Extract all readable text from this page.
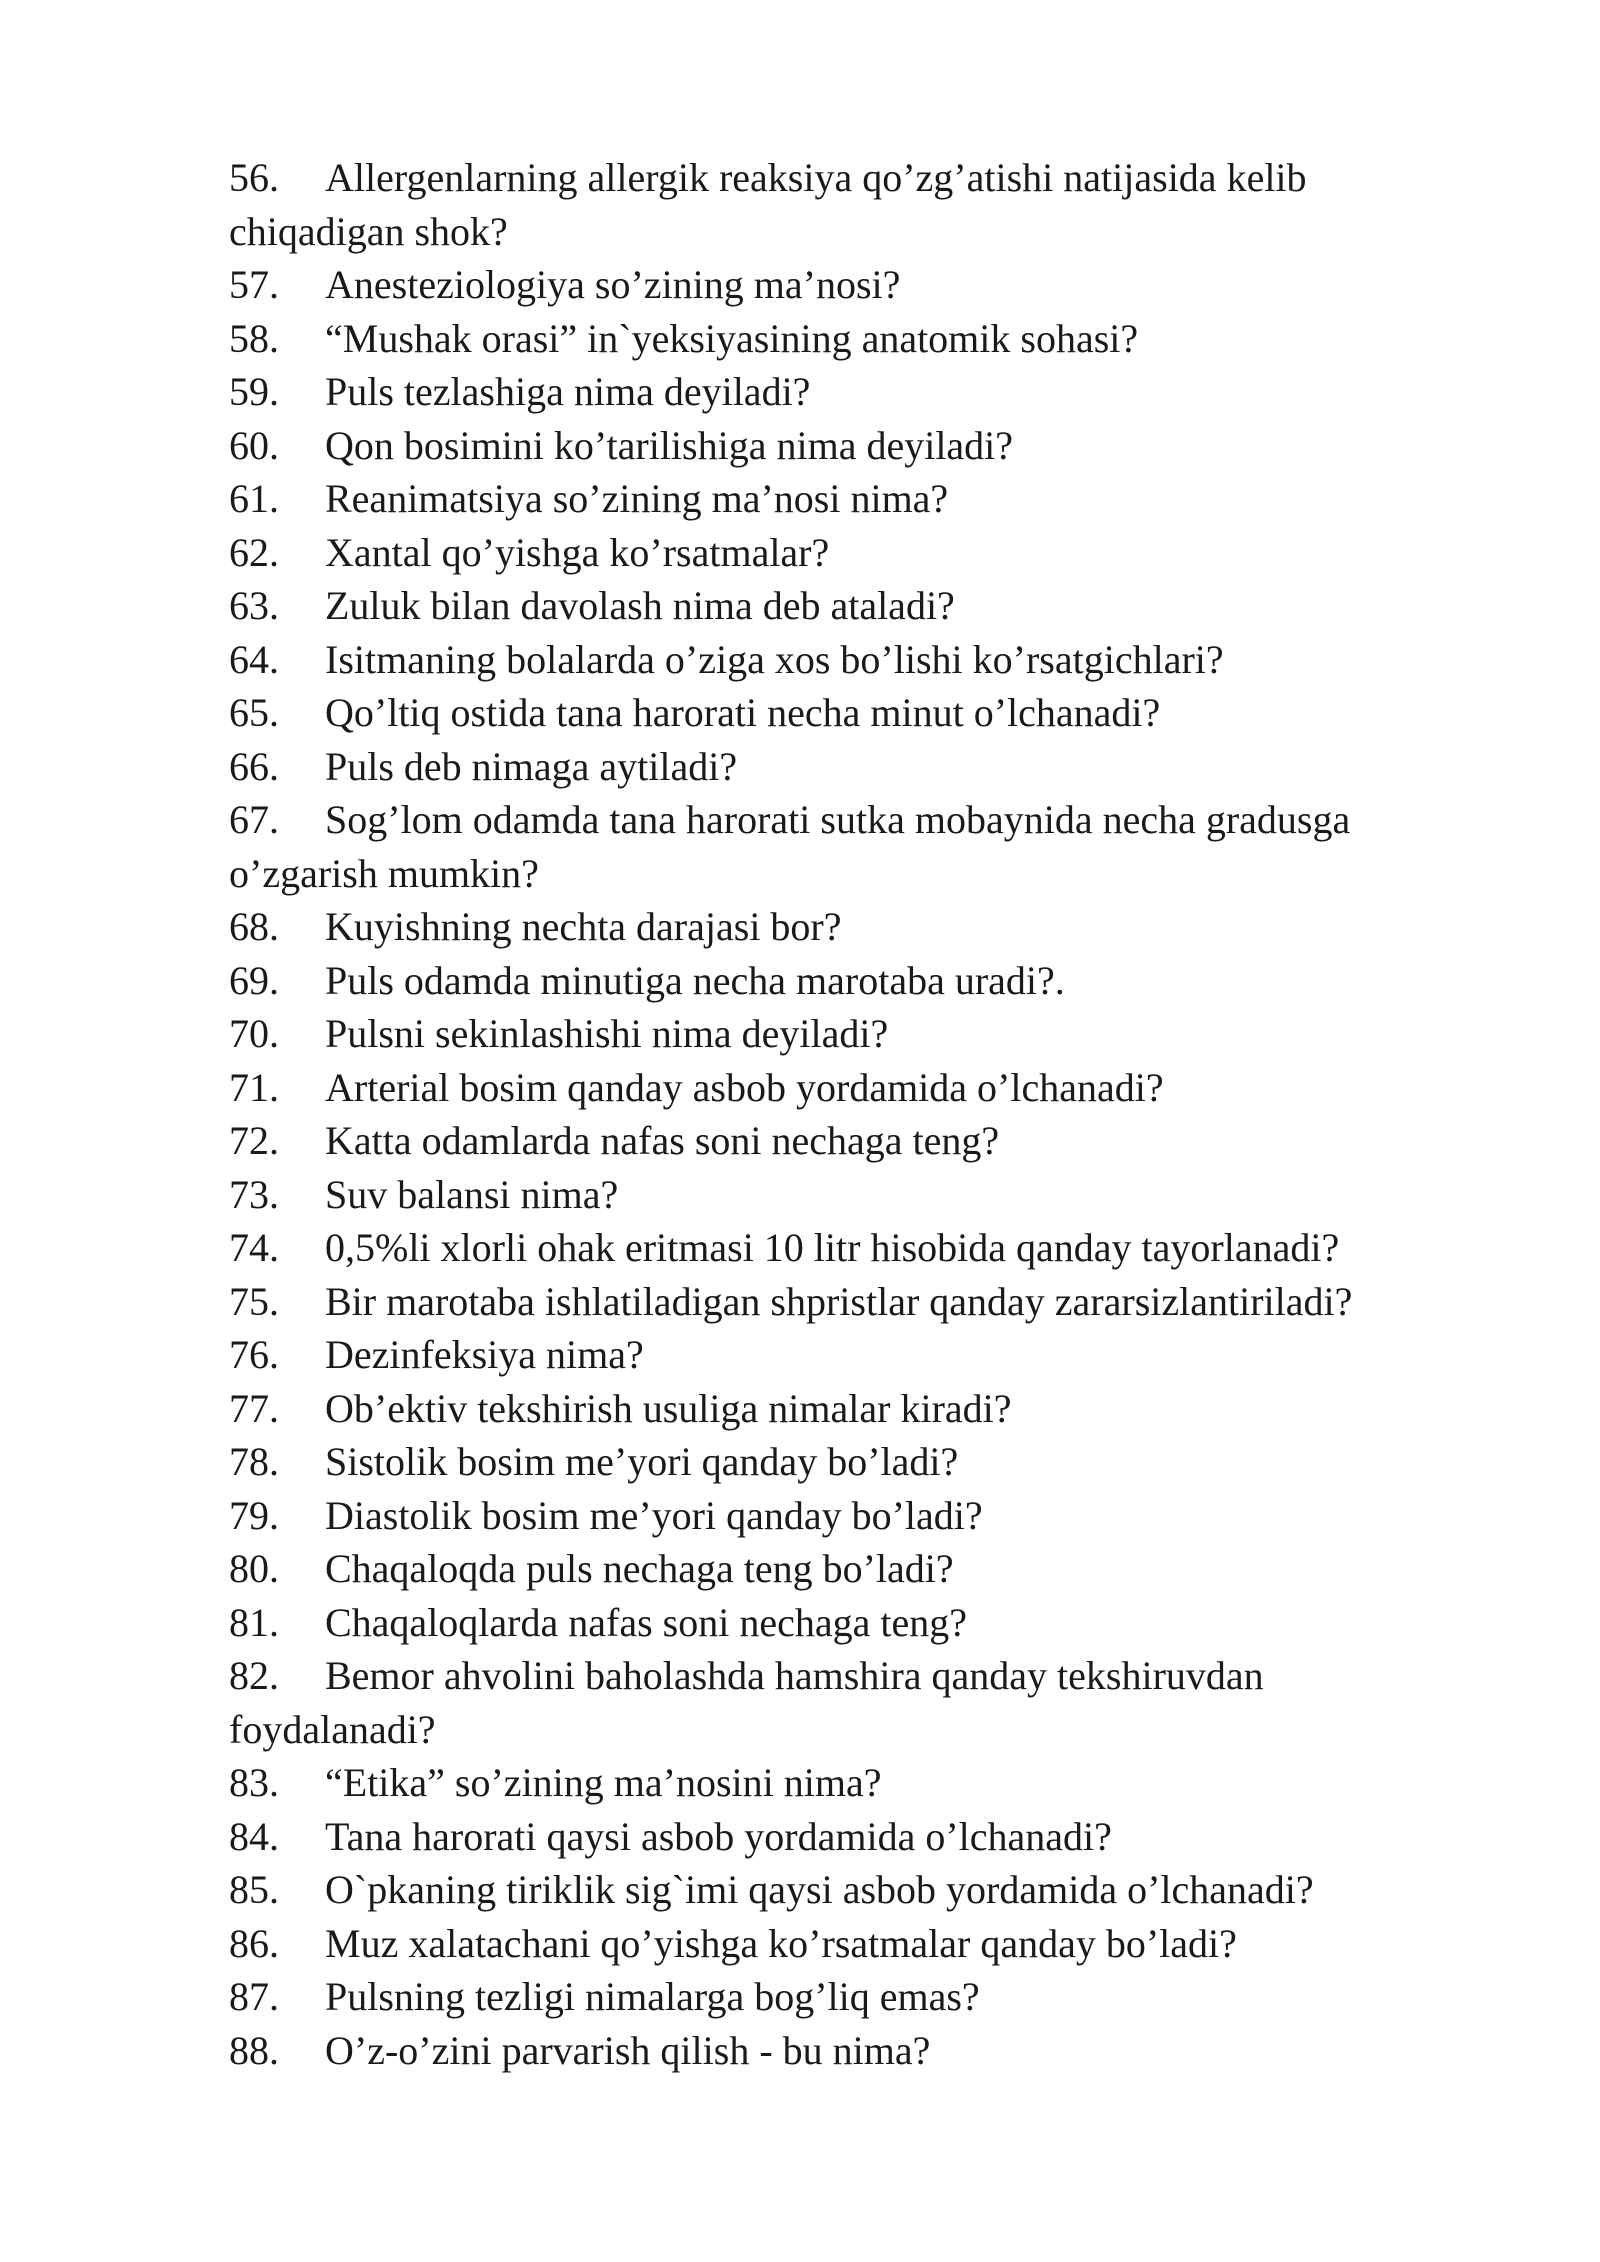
56. Allergenlarning allergik reaksiya qo’zg’atishi natijasida kelib chiqadigan shok?
57. Anesteziologiya so’zining ma’nosi?
58. “Mushak orasi” in`yeksiyasining anatomik sohasi?
59. Puls tezlashiga nima deyiladi?
60. Qon bosimini ko’tarilishiga nima deyiladi?
61. Reanimatsiya so’zining ma’nosi nima?
62. Xantal qo’yishga ko’rsatmalar?
63. Zuluk bilan davolash nima deb ataladi?
64. Isitmaning bolalarda o’ziga xos bo’lishi ko’rsatgichlari?
65. Qo’ltiq ostida tana harorati necha minut o’lchanadi?
66. Puls deb nimaga aytiladi?
67. Sog’lom odamda tana harorati sutka mobaynida necha gradusga o’zgarish mumkin?
68. Kuyishning nechta darajasi bor?
69. Puls odamda minutiga necha marotaba uradi?.
70. Pulsni sekinlashishi nima deyiladi?
71. Arterial bosim qanday asbob yordamida o’lchanadi?
72. Katta odamlarda nafas soni nechaga teng?
73. Suv balansi nima?
74. 0,5%li xlorli ohak eritmasi 10 litr hisobida qanday tayorlanadi?
75. Bir marotaba ishlatiladigan shpristlar qanday zararsizlantiriladi?
76. Dezinfeksiya nima?
77. Ob’ektiv tekshirish usuliga nimalar kiradi?
78. Sistolik bosim me’yori qanday bo’ladi?
79. Diastolik bosim me’yori qanday bo’ladi?
80. Chaqaloqda puls nechaga teng bo’ladi?
81. Chaqaloqlarda nafas soni nechaga teng?
82. Bemor ahvolini baholashda hamshira qanday tekshiruvdan foydalanadi?
83. “Etika” so’zining ma’nosini nima?
84. Tana harorati qaysi asbob yordamida o’lchanadi?
85. O`pkaning tiriklik sig`imi qaysi asbob yordamida o’lchanadi?
86. Muz xalatachani qo’yishga ko’rsatmalar qanday bo’ladi?
87. Pulsning tezligi nimalarga bog’liq emas?
88. O’z-o’zini parvarish qilish - bu nima?
